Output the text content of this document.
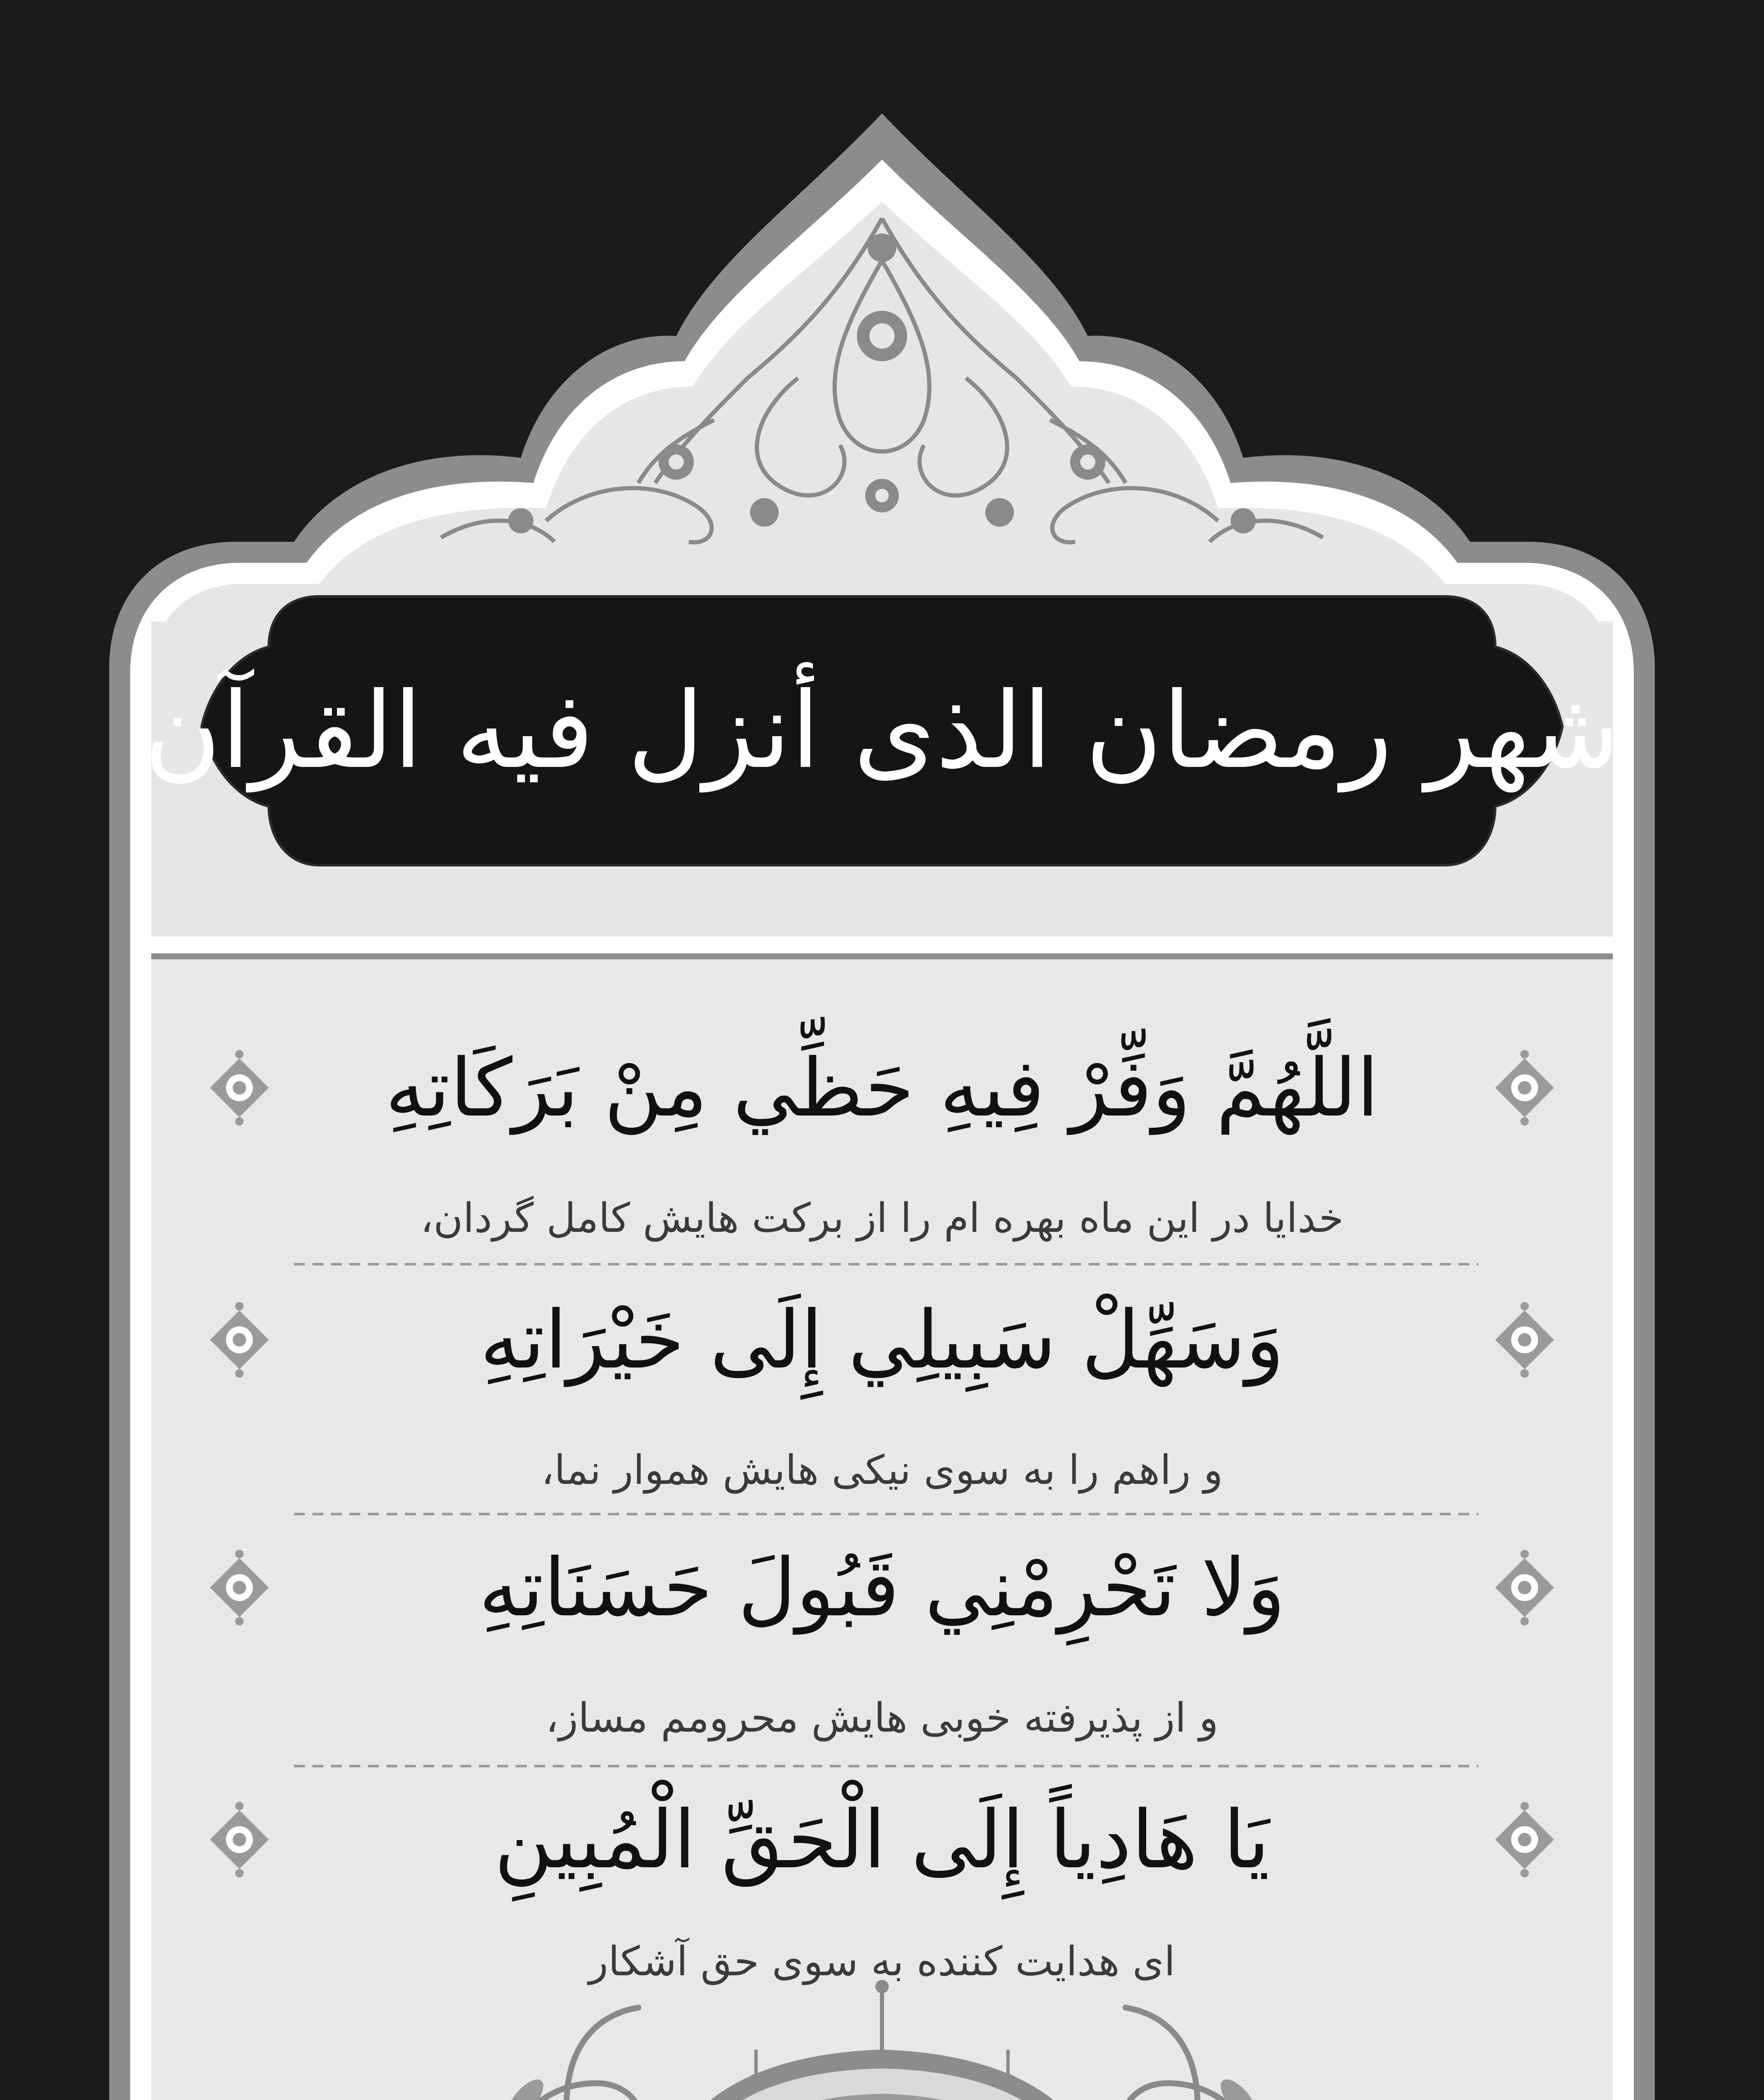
شهر رمضان الذی أنزل فیه القرآن
اللَّهُمَّ وَفِّرْ فِيهِ حَظِّي مِنْ بَرَكَاتِهِ
خدایا در این ماه بهره ام را از برکت هایش کامل گردان،
وَسَهِّلْ سَبِيلِي إِلَى خَيْرَاتِهِ
و راهم را به سوی نیکی هایش هموار نما،
وَلا تَحْرِمْنِي قَبُولَ حَسَنَاتِهِ
و از پذیرفته خوبی هایش محرومم مساز،
يَا هَادِياً إِلَى الْحَقِّ الْمُبِينِ
ای هدایت کننده به سوی حق آشکار
